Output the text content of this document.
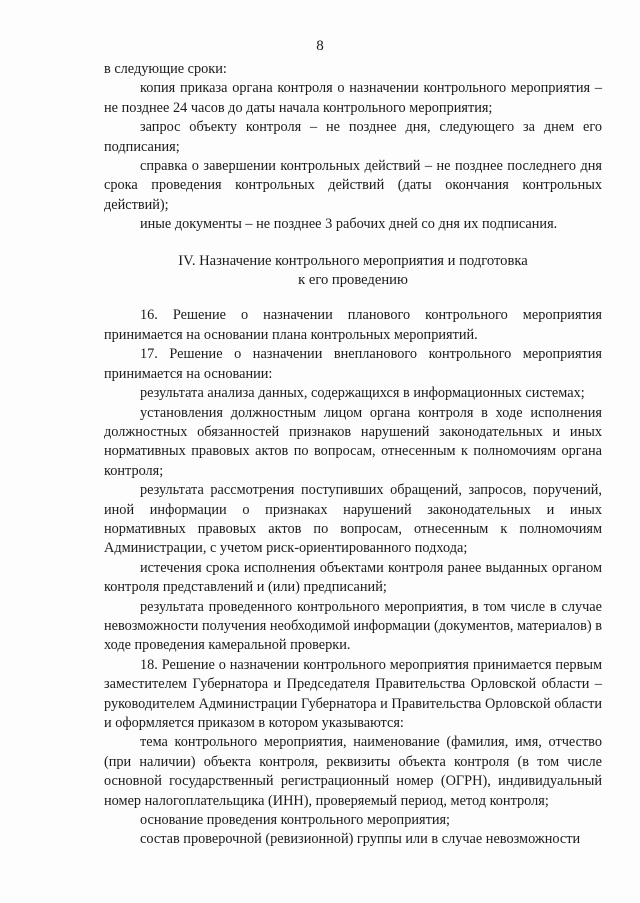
8

в следующие сроки:

копия приказа органа контроля о назначении контрольного мероприятия – не позднее 24 часов до даты начала контрольного мероприятия;

запрос объекту контроля – не позднее дня, следующего за днем его подписания;

справка о завершении контрольных действий – не позднее последнего дня срока проведения контрольных действий (даты окончания контрольных действий);

иные документы – не позднее 3 рабочих дней со дня их подписания.

IV. Назначение контрольного мероприятия и подготовка
к его проведению

16. Решение о назначении планового контрольного мероприятия принимается на основании плана контрольных мероприятий.

17. Решение о назначении внепланового контрольного мероприятия принимается на основании:

результата анализа данных, содержащихся в информационных системах;

установления должностным лицом органа контроля в ходе исполнения должностных обязанностей признаков нарушений законодательных и иных нормативных правовых актов по вопросам, отнесенным к полномочиям органа контроля;

результата рассмотрения поступивших обращений, запросов, поручений, иной информации о признаках нарушений законодательных и иных нормативных правовых актов по вопросам, отнесенным к полномочиям Администрации, с учетом риск-ориентированного подхода;

истечения срока исполнения объектами контроля ранее выданных органом контроля представлений и (или) предписаний;

результата проведенного контрольного мероприятия, в том числе в случае невозможности получения необходимой информации (документов, материалов) в ходе проведения камеральной проверки.

18. Решение о назначении контрольного мероприятия принимается первым заместителем Губернатора и Председателя Правительства Орловской области – руководителем Администрации Губернатора и Правительства Орловской области и оформляется приказом в котором указываются:

тема контрольного мероприятия, наименование (фамилия, имя, отчество (при наличии) объекта контроля, реквизиты объекта контроля (в том числе основной государственный регистрационный номер (ОГРН), индивидуальный номер налогоплательщика (ИНН), проверяемый период, метод контроля;

основание проведения контрольного мероприятия;

состав проверочной (ревизионной) группы или в случае невозможности
